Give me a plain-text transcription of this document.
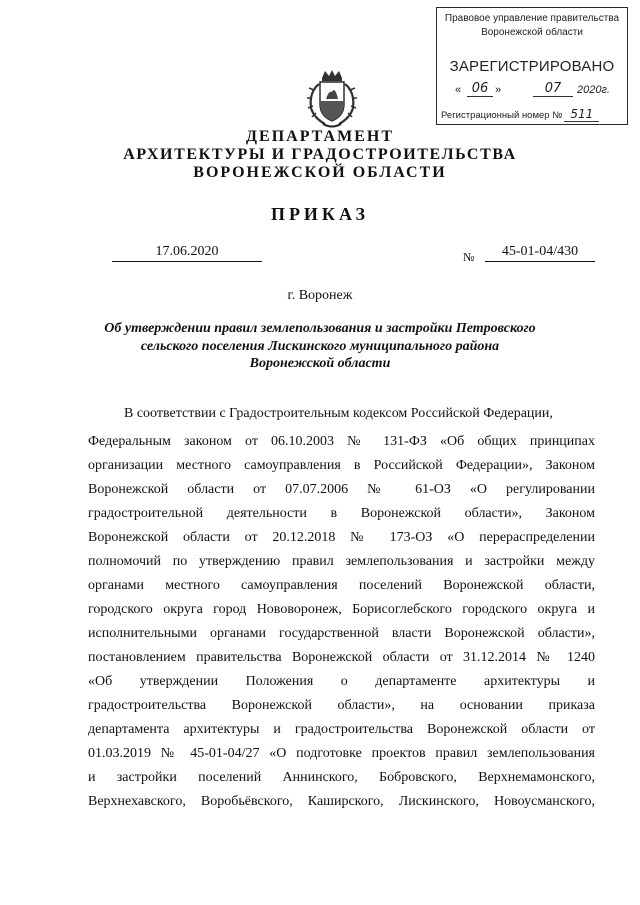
Правовое управление правительства
Воронежской области
ЗАРЕГИСТРИРОВАНО
« 06 »	07	2020г.
Регистрационный номер № 511
ДЕПАРТАМЕНТ
АРХИТЕКТУРЫ И ГРАДОСТРОИТЕЛЬСТВА
ВОРОНЕЖСКОЙ ОБЛАСТИ
ПРИКАЗ
17.06.2020	№	45-01-04/430
г. Воронеж
Об утверждении правил землепользования и застройки Петровского
сельского поселения Лискинского муниципального района
Воронежской области
В соответствии с Градостроительным кодексом Российской Федерации,
Федеральным законом от 06.10.2003 № 131-ФЗ «Об общих принципах
организации местного самоуправления в Российской Федерации», Законом
Воронежской области от 07.07.2006 № 61-ОЗ «О регулировании
градостроительной деятельности в Воронежской области», Законом
Воронежской области от 20.12.2018 № 173-ОЗ «О перераспределении
полномочий по утверждению правил землепользования и застройки между
органами местного самоуправления поселений Воронежской области,
городского округа город Нововоронеж, Борисоглебского городского округа и
исполнительными органами государственной власти Воронежской области»,
постановлением правительства Воронежской области от 31.12.2014 № 1240
«Об утверждении Положения о департаменте архитектуры и
градостроительства Воронежской области», на основании приказа
департамента архитектуры и градостроительства Воронежской области от
01.03.2019 № 45-01-04/27 «О подготовке проектов правил землепользования
и застройки поселений Аннинского, Бобровского, Верхнемамонского,
Верхнехавского, Воробьёвского, Каширского, Лискинского, Новоусманского,
